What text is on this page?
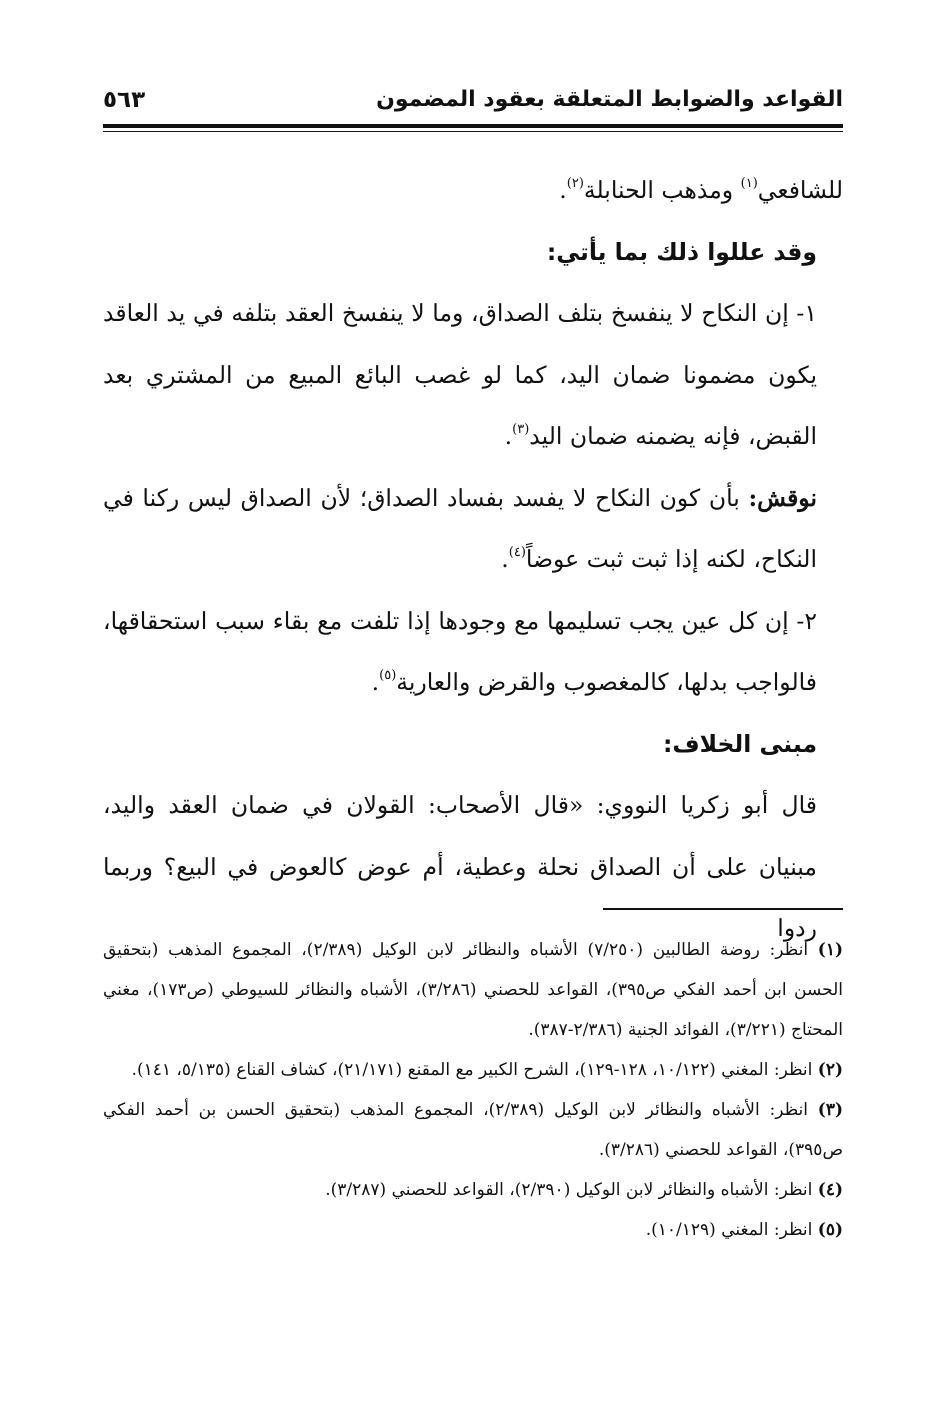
القواعد والضوابط المتعلقة بعقود المضمون
٥٦٣

للشافعي$^{(١)}$ ومذهب الحنابلة$^{(٢)}$.

وقد عللوا ذلك بما يأتي:

١- إن النكاح لا ينفسخ بتلف الصداق، وما لا ينفسخ العقد بتلفه في يد العاقد يكون مضمونا ضمان اليد، كما لو غصب البائع المبيع من المشتري بعد القبض، فإنه يضمنه ضمان اليد$^{(٣)}$.

نوقش: بأن كون النكاح لا يفسد بفساد الصداق؛ لأن الصداق ليس ركنا في النكاح، لكنه إذا ثبت ثبت عوضاً$^{(٤)}$.

٢- إن كل عين يجب تسليمها مع وجودها إذا تلفت مع بقاء سبب استحقاقها، فالواجب بدلها، كالمغصوب والقرض والعارية$^{(٥)}$.

مبنى الخلاف:

قال أبو زكريا النووي: «قال الأصحاب: القولان في ضمان العقد واليد، مبنيان على أن الصداق نحلة وعطية، أم عوض كالعوض في البيع؟ وربما ردوا

(١) انظر: روضة الطالبين (٧/٢٥٠) الأشباه والنظائر لابن الوكيل (٢/٣٨٩)، المجموع المذهب (بتحقيق الحسن ابن أحمد الفكي ص٣٩٥)، القواعد للحصني (٣/٢٨٦)، الأشباه والنظائر للسيوطي (ص١٧٣)، مغني المحتاج (٣/٢٢١)، الفوائد الجنية (٢/٣٨٦-٣٨٧).

(٢) انظر: المغني (١٠/١٢٢، ١٢٨-١٢٩)، الشرح الكبير مع المقنع (٢١/١٧١)، كشاف القناع (٥/١٣٥، ١٤١).

(٣) انظر: الأشباه والنظائر لابن الوكيل (٢/٣٨٩)، المجموع المذهب (بتحقيق الحسن بن أحمد الفكي ص٣٩٥)، القواعد للحصني (٣/٢٨٦).

(٤) انظر: الأشباه والنظائر لابن الوكيل (٢/٣٩٠)، القواعد للحصني (٣/٢٨٧).

(٥) انظر: المغني (١٠/١٢٩).
